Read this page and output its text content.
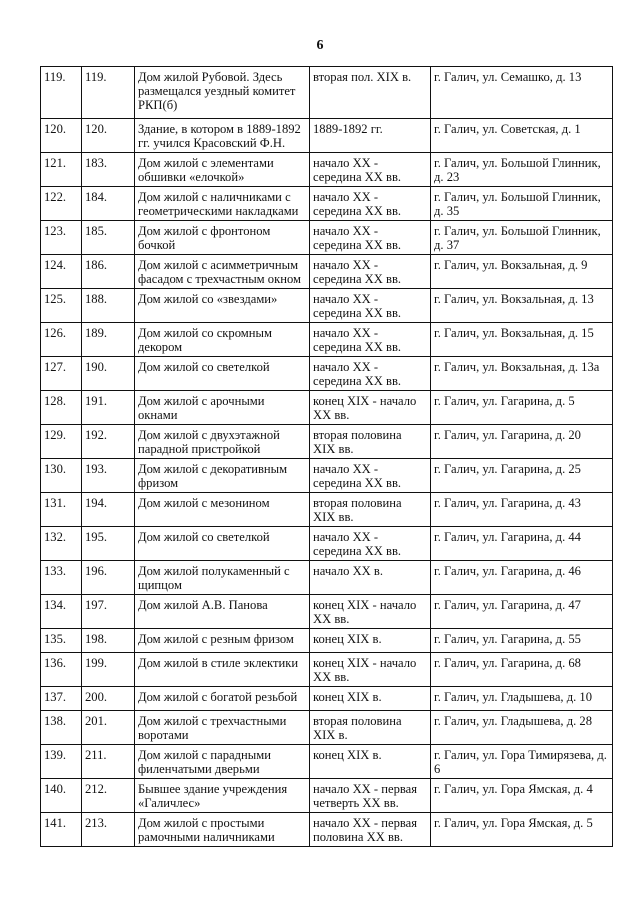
6
119.	119.	Дом жилой Рубовой. Здесь размещался уездный комитет РКП(б)	вторая пол. XIX в.	г. Галич, ул. Семашко, д. 13
120.	120.	Здание, в котором в 1889-1892 гг. учился Красовский Ф.Н.	1889-1892 гг.	г. Галич, ул. Советская, д. 1
121.	183.	Дом жилой с элементами обшивки «елочкой»	начало XX - середина XX вв.	г. Галич, ул. Большой Глинник, д. 23
122.	184.	Дом жилой с наличниками с геометрическими накладками	начало XX - середина XX вв.	г. Галич, ул. Большой Глинник, д. 35
123.	185.	Дом жилой с фронтоном бочкой	начало XX - середина XX вв.	г. Галич, ул. Большой Глинник, д. 37
124.	186.	Дом жилой с асимметричным фасадом с трехчастным окном	начало XX - середина XX вв.	г. Галич, ул. Вокзальная, д. 9
125.	188.	Дом жилой со «звездами»	начало XX - середина XX вв.	г. Галич, ул. Вокзальная, д. 13
126.	189.	Дом жилой со скромным декором	начало XX - середина XX вв.	г. Галич, ул. Вокзальная, д. 15
127.	190.	Дом жилой со светелкой	начало XX - середина XX вв.	г. Галич, ул. Вокзальная, д. 13а
128.	191.	Дом жилой с арочными окнами	конец XIX - начало XX вв.	г. Галич, ул. Гагарина, д. 5
129.	192.	Дом жилой с двухэтажной парадной пристройкой	вторая половина XIX вв.	г. Галич, ул. Гагарина, д. 20
130.	193.	Дом жилой с декоративным фризом	начало XX - середина XX вв.	г. Галич, ул. Гагарина, д. 25
131.	194.	Дом жилой с мезонином	вторая половина XIX вв.	г. Галич, ул. Гагарина, д. 43
132.	195.	Дом жилой со светелкой	начало XX - середина XX вв.	г. Галич, ул. Гагарина, д. 44
133.	196.	Дом жилой полукаменный с щипцом	начало XX в.	г. Галич, ул. Гагарина, д. 46
134.	197.	Дом жилой А.В. Панова	конец XIX - начало XX вв.	г. Галич, ул. Гагарина, д. 47
135.	198.	Дом жилой с резным фризом	конец XIX в.	г. Галич, ул. Гагарина, д. 55
136.	199.	Дом жилой в стиле эклектики	конец XIX - начало XX вв.	г. Галич, ул. Гагарина, д. 68
137.	200.	Дом жилой с богатой резьбой	конец XIX в.	г. Галич, ул. Гладышева, д. 10
138.	201.	Дом жилой с трехчастными воротами	вторая половина XIX в.	г. Галич, ул. Гладышева, д. 28
139.	211.	Дом жилой с парадными филенчатыми дверьми	конец XIX в.	г. Галич, ул. Гора Тимирязева, д. 6
140.	212.	Бывшее здание учреждения «Галичлес»	начало XX - первая четверть XX вв.	г. Галич, ул. Гора Ямская, д. 4
141.	213.	Дом жилой с простыми рамочными наличниками	начало XX - первая половина XX вв.	г. Галич, ул. Гора Ямская, д. 5
